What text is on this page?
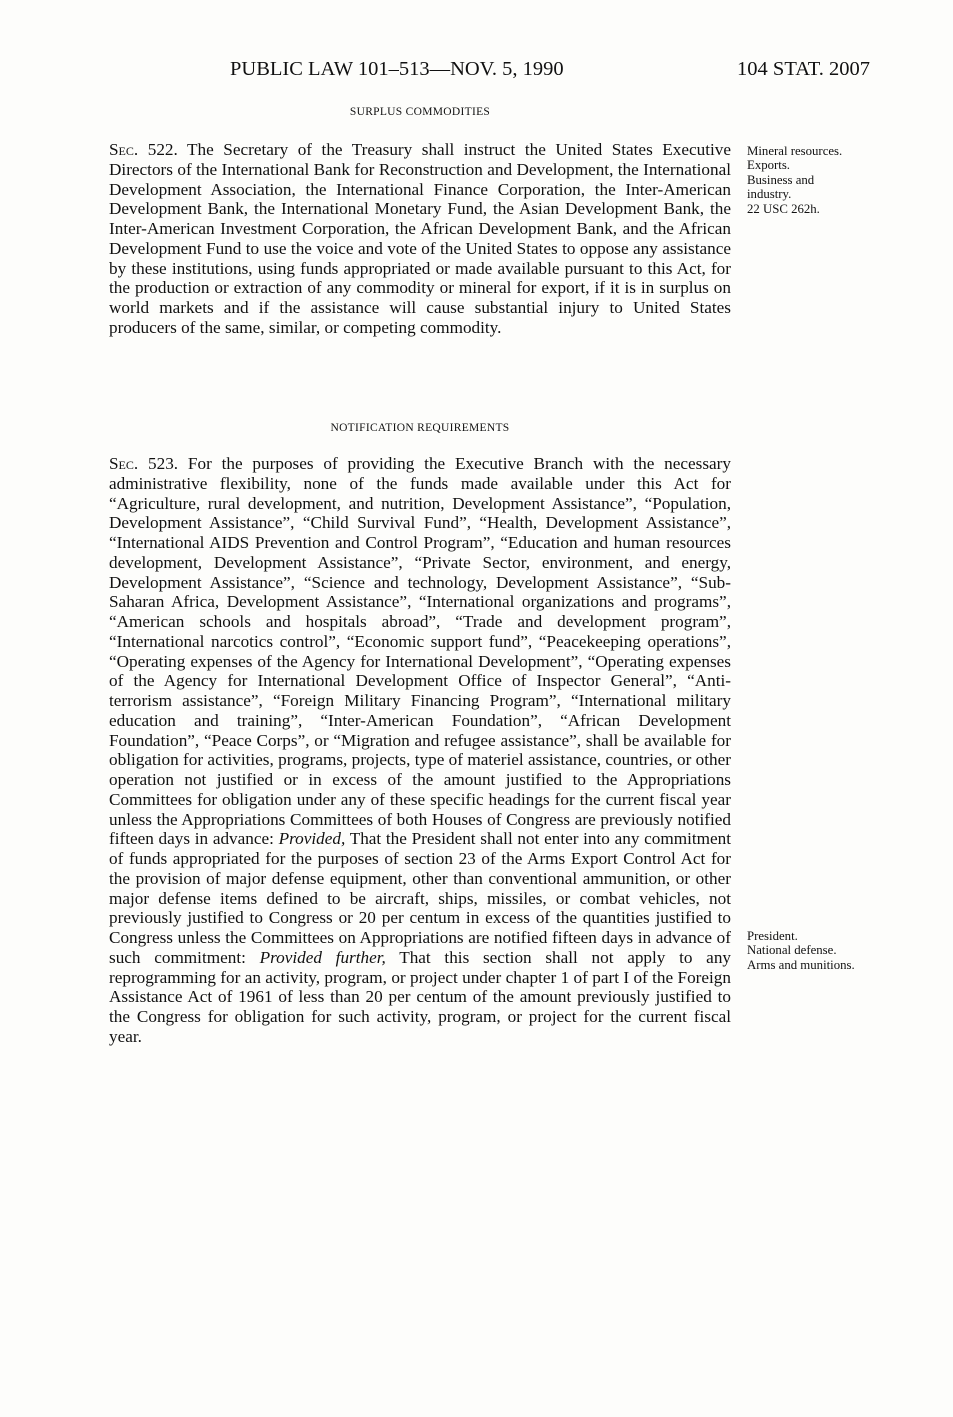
PUBLIC LAW 101–513—NOV. 5, 1990	104 STAT. 2007
SURPLUS COMMODITIES

Sec. 522. The Secretary of the Treasury shall instruct the United States Executive Directors of the International Bank for Reconstruction and Development, the International Development Association, the International Finance Corporation, the Inter-American Development Bank, the International Monetary Fund, the Asian Development Bank, the Inter-American Investment Corporation, the African Development Bank, and the African Development Fund to use the voice and vote of the United States to oppose any assistance by these institutions, using funds appropriated or made available pursuant to this Act, for the production or extraction of any commodity or mineral for export, if it is in surplus on world markets and if the assistance will cause substantial injury to United States producers of the same, similar, or competing commodity.

Mineral resources.
Exports.
Business and industry.
22 USC 262h.
NOTIFICATION REQUIREMENTS

Sec. 523. For the purposes of providing the Executive Branch with the necessary administrative flexibility, none of the funds made available under this Act for “Agriculture, rural development, and nutrition, Development Assistance”, “Population, Development Assistance”, “Child Survival Fund”, “Health, Development Assistance”, “International AIDS Prevention and Control Program”, “Education and human resources development, Development Assistance”, “Private Sector, environment, and energy, Development Assistance”, “Science and technology, Development Assistance”, “Sub-Saharan Africa, Development Assistance”, “International organizations and programs”, “American schools and hospitals abroad”, “Trade and development program”, “International narcotics control”, “Economic support fund”, “Peacekeeping operations”, “Operating expenses of the Agency for International Development”, “Operating expenses of the Agency for International Development Office of Inspector General”, “Anti-terrorism assistance”, “Foreign Military Financing Program”, “International military education and training”, “Inter-American Foundation”, “African Development Foundation”, “Peace Corps”, or “Migration and refugee assistance”, shall be available for obligation for activities, programs, projects, type of materiel assistance, countries, or other operation not justified or in excess of the amount justified to the Appropriations Committees for obligation under any of these specific headings for the current fiscal year unless the Appropriations Committees of both Houses of Congress are previously notified fifteen days in advance: Provided, That the President shall not enter into any commitment of funds appropriated for the purposes of section 23 of the Arms Export Control Act for the provision of major defense equipment, other than conventional ammunition, or other major defense items defined to be aircraft, ships, missiles, or combat vehicles, not previously justified to Congress or 20 per centum in excess of the quantities justified to Congress unless the Committees on Appropriations are notified fifteen days in advance of such commitment: Provided further, That this section shall not apply to any reprogramming for an activity, program, or project under chapter 1 of part I of the Foreign Assistance Act of 1961 of less than 20 per centum of the amount previously justified to the Congress for obligation for such activity, program, or project for the current fiscal year.

President.
National defense.
Arms and munitions.
